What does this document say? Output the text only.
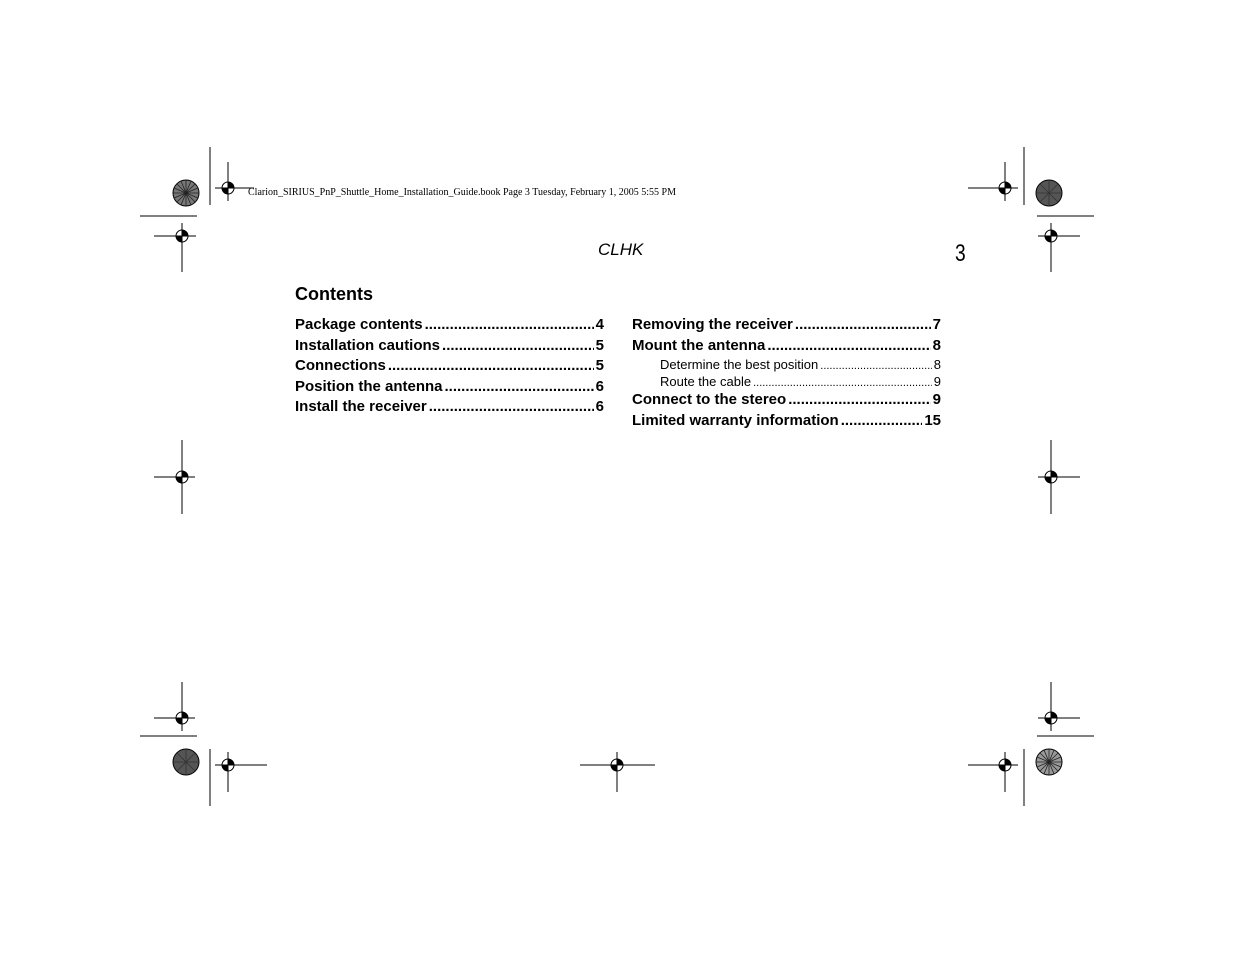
Clarion_SIRIUS_PnP_Shuttle_Home_Installation_Guide.book Page 3 Tuesday, February 1, 2005 5:55 PM
CLHK	3
Contents
Package contents .....	4
Installation cautions .....	5
Connections .....	5
Position the antenna .....	6
Install the receiver .....	6
Removing the receiver .....	7
Mount the antenna .....	8
Determine the best position .....	8
Route the cable .....	9
Connect to the stereo .....	9
Limited warranty information .....	15
